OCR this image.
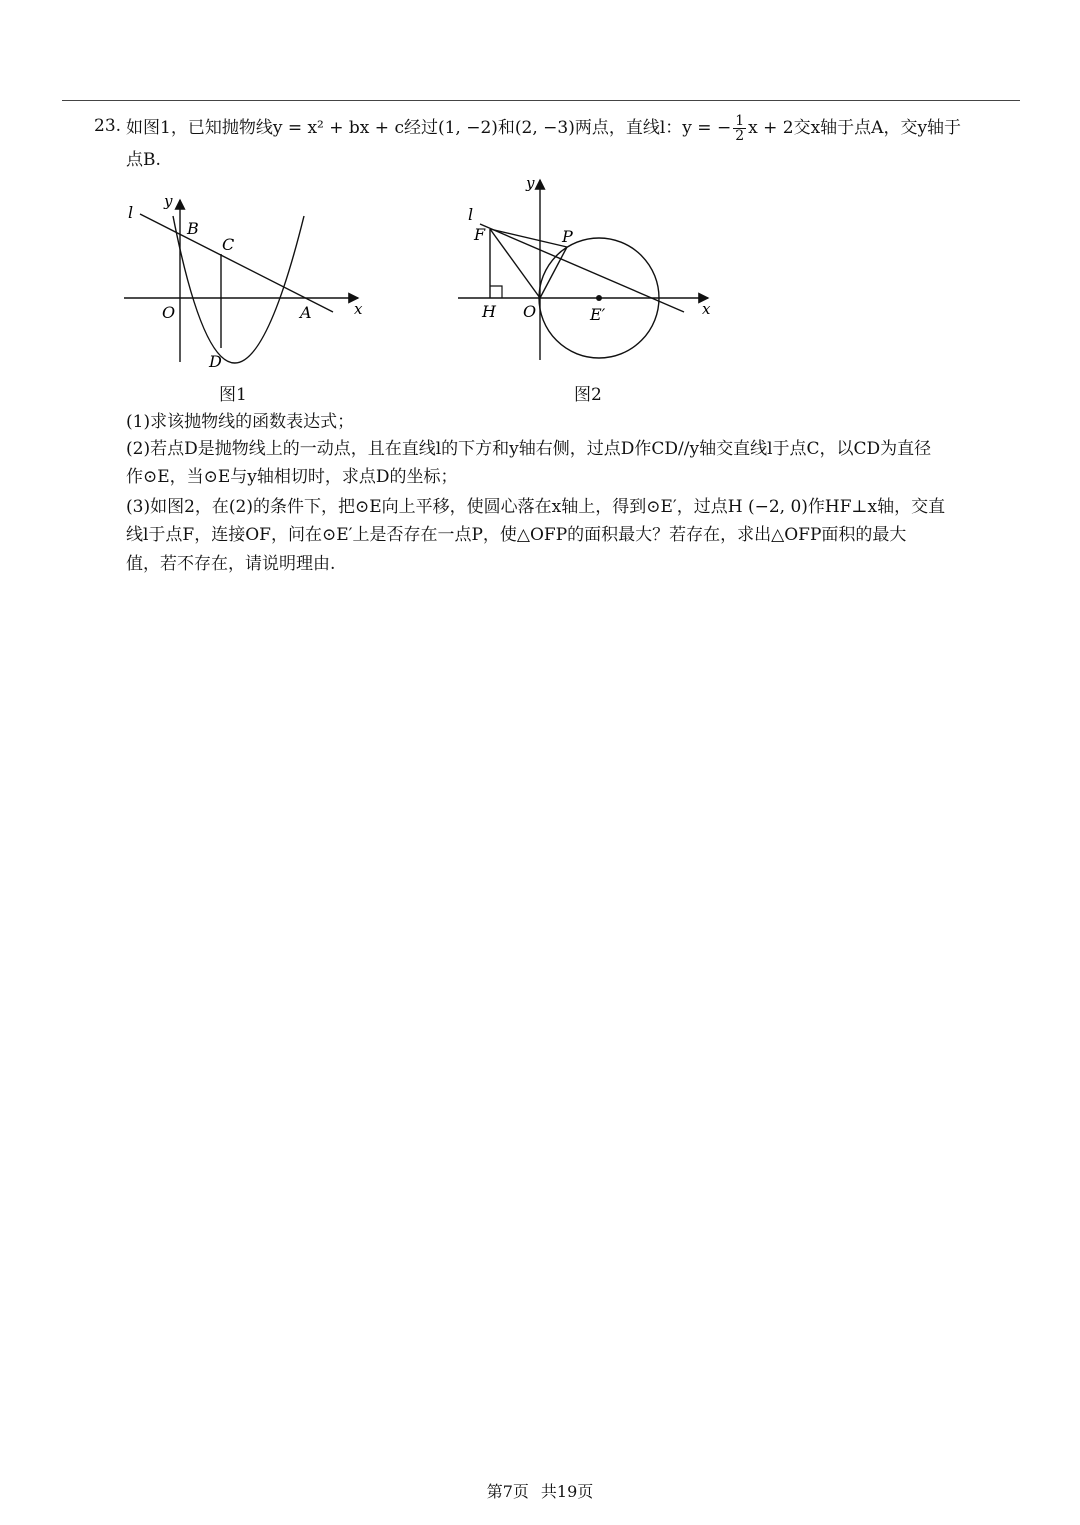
23. 如图1，已知抛物线y = x² + bx + c经过(1, −2)和(2, −3)两点，直线l：y = − $\frac{1}{2}$ x + 2交x轴于点A，交y轴于
点B.
l
y
x
B
C
O	A
D
图1
l
y
x
F	P
H O	E′
图2
(1)求该抛物线的函数表达式；
(2)若点D是抛物线上的一动点，且在直线l的下方和y轴右侧，过点D作CD//y轴交直线l于点C，以CD为直径
作⊙E，当⊙E与y轴相切时，求点D的坐标；
(3)如图2，在(2)的条件下，把⊙E向上平移，使圆心落在x轴上，得到⊙E′，过点H (−2, 0)作HF⊥x轴，交直
线l于点F，连接OF，问在⊙E′上是否存在一点P，使△OFP的面积最大？若存在，求出△OFP面积的最大
值，若不存在，请说明理由.
第7页 共19页
